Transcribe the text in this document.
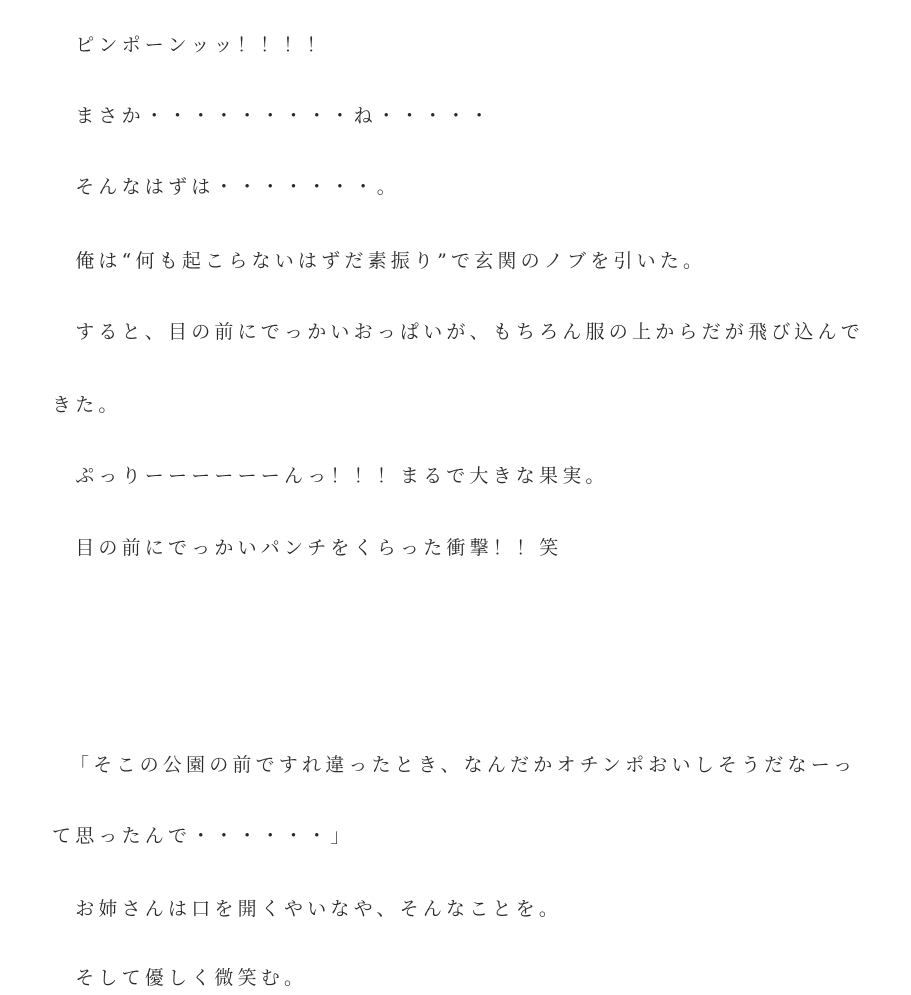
　ピンポーンッッ！！！！
　まさか・・・・・・・・・ね・・・・・
　そんなはずは・・・・・・・。
　俺は“何も起こらないはずだ素振り”で玄関のノブを引いた。
　すると、目の前にでっかいおっぱいが、もちろん服の上からだが飛び込んで
きた。
　ぷっりーーーーーーんっ！！！まるで大きな果実。
　目の前にでっかいパンチをくらった衝撃！！笑
「そこの公園の前ですれ違ったとき、なんだかオチンポおいしそうだなーっ
て思ったんで・・・・・・」
　お姉さんは口を開くやいなや、そんなことを。
　そして優しく微笑む。
